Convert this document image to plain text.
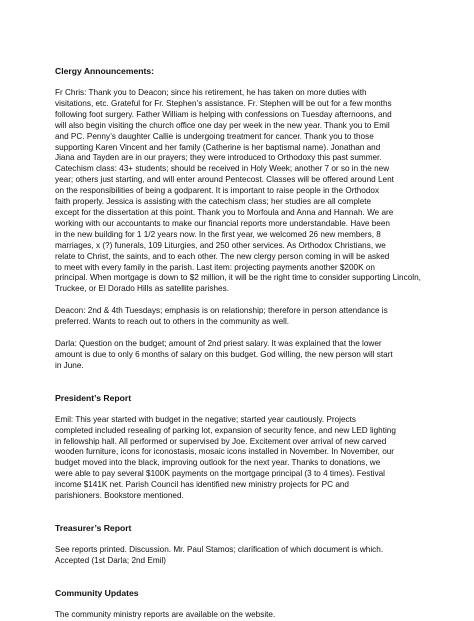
Clergy Announcements:

Fr Chris: Thank you to Deacon; since his retirement, he has taken on more duties with
visitations, etc. Grateful for Fr. Stephen’s assistance. Fr. Stephen will be out for a few months
following foot surgery. Father William is helping with confessions on Tuesday afternoons, and
will also begin visiting the church office one day per week in the new year. Thank you to Emil
and PC. Penny’s daughter Callie is undergoing treatment for cancer. Thank you to those
supporting Karen Vincent and her family (Catherine is her baptismal name). Jonathan and
Jiana and Tayden are in our prayers; they were introduced to Orthodoxy this past summer.
Catechism class: 43+ students; should be received in Holy Week; another 7 or so in the new
year; others just starting, and will enter around Pentecost. Classes will be offered around Lent
on the responsibilities of being a godparent. It is important to raise people in the Orthodox
faith properly. Jessica is assisting with the catechism class; her studies are all complete
except for the dissertation at this point. Thank you to Morfoula and Anna and Hannah. We are
working with our accountants to make our financial reports more understandable. Have been
in the new building for 1 1/2 years now. In the first year, we welcomed 26 new members, 8
marriages, x (?) funerals, 109 Liturgies, and 250 other services. As Orthodox Christians, we
relate to Christ, the saints, and to each other. The new clergy person coming in will be asked
to meet with every family in the parish. Last item: projecting payments another $200K on
principal. When mortgage is down to $2 million, it will be the right time to consider supporting Lincoln,
Truckee, or El Dorado Hills as satellite parishes.

Deacon: 2nd & 4th Tuesdays; emphasis is on relationship; therefore in person attendance is
preferred. Wants to reach out to others in the community as well.

Darla: Question on the budget; amount of 2nd priest salary. It was explained that the lower
amount is due to only 6 months of salary on this budget. God willing, the new person will start
in June.

President’s Report

Emil: This year started with budget in the negative; started year cautiously. Projects
completed included resealing of parking lot, expansion of security fence, and new LED lighting
in fellowship hall. All performed or supervised by Joe. Excitement over arrival of new carved
wooden furniture, icons for iconostasis, mosaic icons installed in November. In November, our
budget moved into the black, improving outlook for the next year. Thanks to donations, we
were able to pay several $100K payments on the mortgage principal (3 to 4 times). Festival
income $141K net. Parish Council has identified new ministry projects for PC and
parishioners. Bookstore mentioned.

Treasurer’s Report

See reports printed. Discussion. Mr. Paul Stamos; clarification of which document is which.
Accepted (1st Darla; 2nd Emil)

Community Updates

The community ministry reports are available on the website.
